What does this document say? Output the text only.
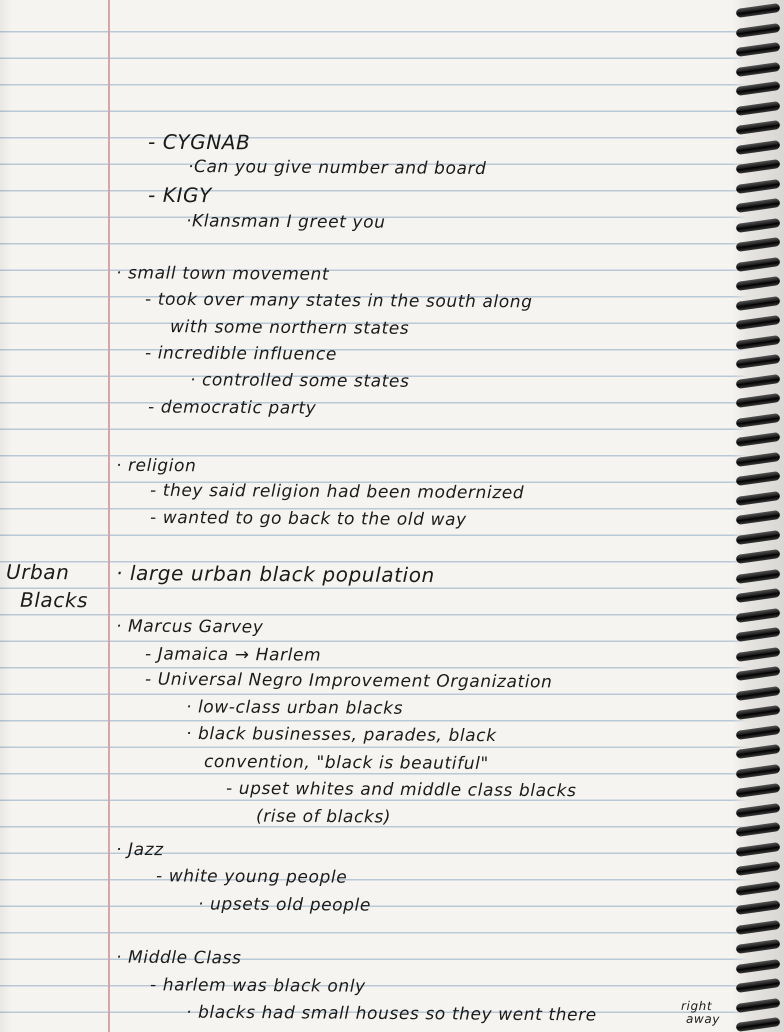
Urban
Blacks
- CYGNAB
·Can you give number and board
- KIGY
·Klansman I greet you
· small town movement
- took over many states in the south along
with some northern states
- incredible influence
· controlled some states
- democratic party
· religion
- they said religion had been modernized
- wanted to go back to the old way
· large urban black population
· Marcus Garvey
- Jamaica → Harlem
- Universal Negro Improvement Organization
· low-class urban blacks
· black businesses, parades, black
convention, "black is beautiful"
- upset whites and middle class blacks
(rise of blacks)
· Jazz
- white young people
· upsets old people
· Middle Class
- harlem was black only
· blacks had small houses so they went there	right
away
